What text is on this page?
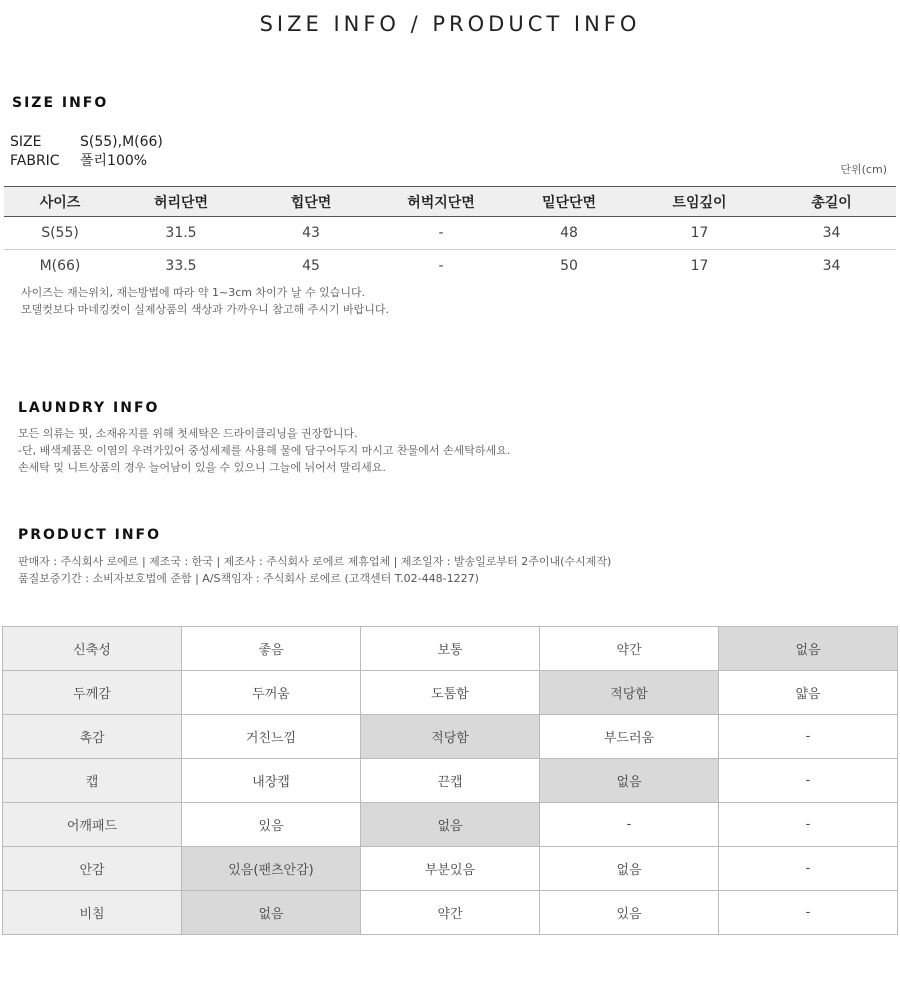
SIZE INFO / PRODUCT INFO
SIZE INFO
SIZE	S(55),M(66)
FABRIC 폴리100%
단위(cm)
사이즈	허리단면	힙단면	허벅지단면	밑단단면	트임깊이	총길이
S(55)	31.5	43	-	48	17	34
M(66)	33.5	45	-	50	17	34
사이즈는 재는위치, 재는방법에 따라 약 1~3cm 차이가 날 수 있습니다.
모델컷보다 마네킹컷이 실제상품의 색상과 가까우니 참고해 주시기 바랍니다.
LAUNDRY INFO
모든 의류는 핏, 소재유지를 위해 첫세탁은 드라이클리닝을 권장합니다.
-단, 배색제품은 이염의 우려가있어 중성세제를 사용해 물에 담구어두지 마시고 찬물에서 손세탁하세요.
손세탁 및 니트상품의 경우 늘어남이 있을 수 있으니 그늘에 뉘어서 말리세요.
PRODUCT INFO
판매자 : 주식회사 로에르 | 제조국 : 한국 | 제조사 : 주식회사 로에르 제휴업체 | 제조일자 : 발송일로부터 2주이내(수시제작)
품질보증기간 : 소비자보호법에 준함 | A/S책임자 : 주식회사 로에르 (고객센터 T.02-448-1227)
신축성	좋음	보통	약간	없음
두께감	두꺼움	도톰함	적당함	얇음
촉감	거친느낌	적당함	부드러움	-
캡	내장캡	끈캡	없음	-
어깨패드	있음	없음	-	-
안감	있음(팬츠안감)	부분있음	없음	-
비침	없음	약간	있음	-
